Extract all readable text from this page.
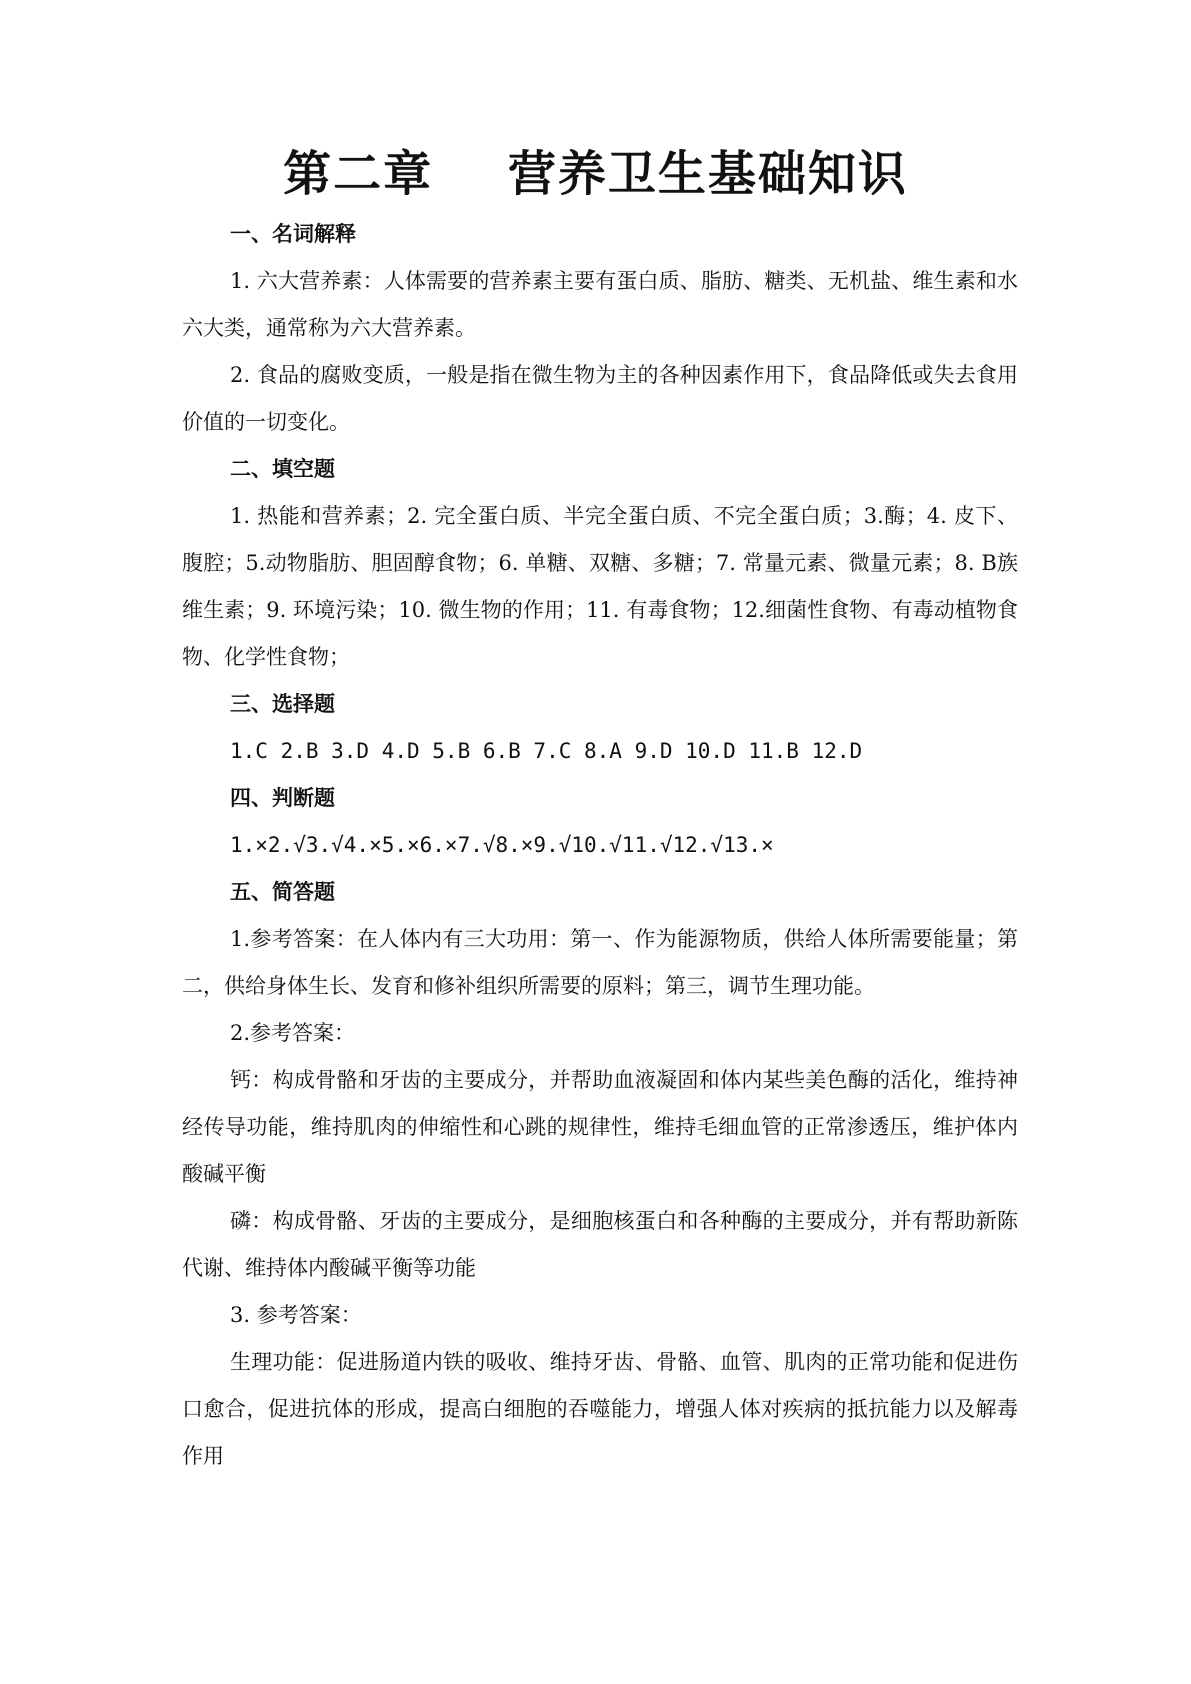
第二章    营养卫生基础知识
一、名词解释

1. 六大营养素：人体需要的营养素主要有蛋白质、脂肪、糖类、无机盐、维生素和水六大类，通常称为六大营养素。

2. 食品的腐败变质，一般是指在微生物为主的各种因素作用下，食品降低或失去食用价值的一切变化。

二、填空题

1. 热能和营养素；2. 完全蛋白质、半完全蛋白质、不完全蛋白质；3.酶；4. 皮下、腹腔；5.动物脂肪、胆固醇食物；6. 单糖、双糖、多糖；7. 常量元素、微量元素；8. B族维生素；9. 环境污染；10. 微生物的作用；11. 有毒食物；12.细菌性食物、有毒动植物食物、化学性食物；

三、选择题

1.C 2.B 3.D 4.D 5.B 6.B 7.C 8.A 9.D 10.D 11.B 12.D

四、判断题

1.×2.√3.√4.×5.×6.×7.√8.×9.√10.√11.√12.√13.×

五、简答题

1.参考答案：在人体内有三大功用：第一、作为能源物质，供给人体所需要能量；第二，供给身体生长、发育和修补组织所需要的原料；第三，调节生理功能。

2.参考答案：

钙：构成骨骼和牙齿的主要成分，并帮助血液凝固和体内某些美色酶的活化，维持神经传导功能，维持肌肉的伸缩性和心跳的规律性，维持毛细血管的正常渗透压，维护体内酸碱平衡

磷：构成骨骼、牙齿的主要成分，是细胞核蛋白和各种酶的主要成分，并有帮助新陈代谢、维持体内酸碱平衡等功能

3. 参考答案：

生理功能：促进肠道内铁的吸收、维持牙齿、骨骼、血管、肌肉的正常功能和促进伤口愈合，促进抗体的形成，提高白细胞的吞噬能力，增强人体对疾病的抵抗能力以及解毒作用
